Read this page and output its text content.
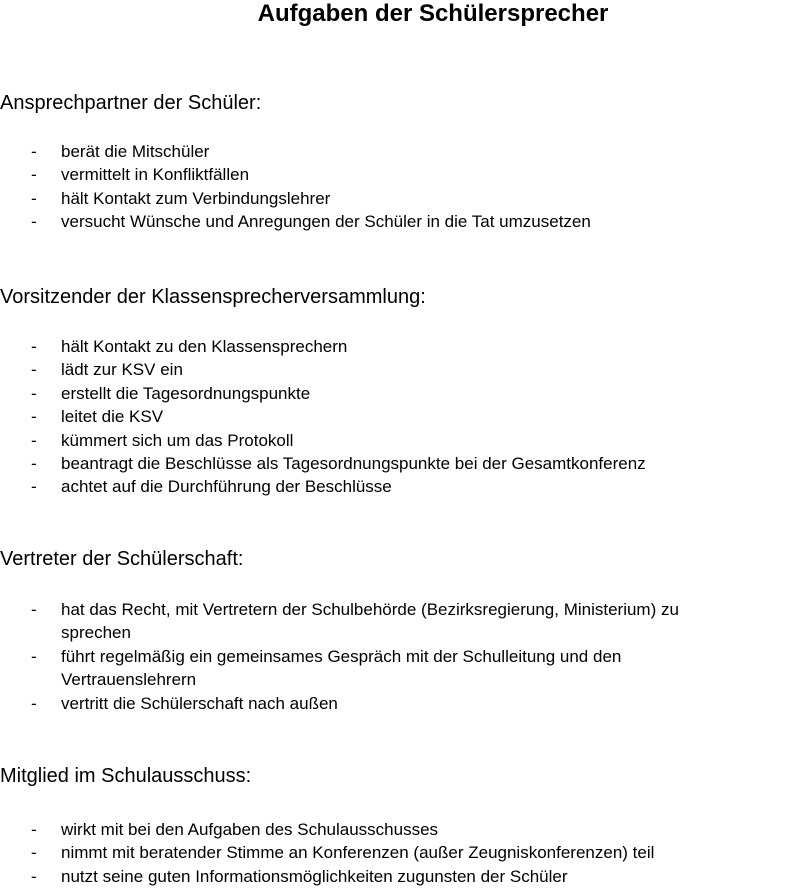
Aufgaben der Schülersprecher
Ansprechpartner der Schüler:
- berät die Mitschüler
- vermittelt in Konfliktfällen
- hält Kontakt zum Verbindungslehrer
- versucht Wünsche und Anregungen der Schüler in die Tat umzusetzen
Vorsitzender der Klassensprecherversammlung:
- hält Kontakt zu den Klassensprechern
- lädt zur KSV ein
- erstellt die Tagesordnungspunkte
- leitet die KSV
- kümmert sich um das Protokoll
- beantragt die Beschlüsse als Tagesordnungspunkte bei der Gesamtkonferenz
- achtet auf die Durchführung der Beschlüsse
Vertreter der Schülerschaft:
- hat das Recht, mit Vertretern der Schulbehörde (Bezirksregierung, Ministerium) zu
sprechen
- führt regelmäßig ein gemeinsames Gespräch mit der Schulleitung und den
Vertrauenslehrern
- vertritt die Schülerschaft nach außen
Mitglied im Schulausschuss:
- wirkt mit bei den Aufgaben des Schulausschusses
- nimmt mit beratender Stimme an Konferenzen (außer Zeugniskonferenzen) teil
- nutzt seine guten Informationsmöglichkeiten zugunsten der Schüler
